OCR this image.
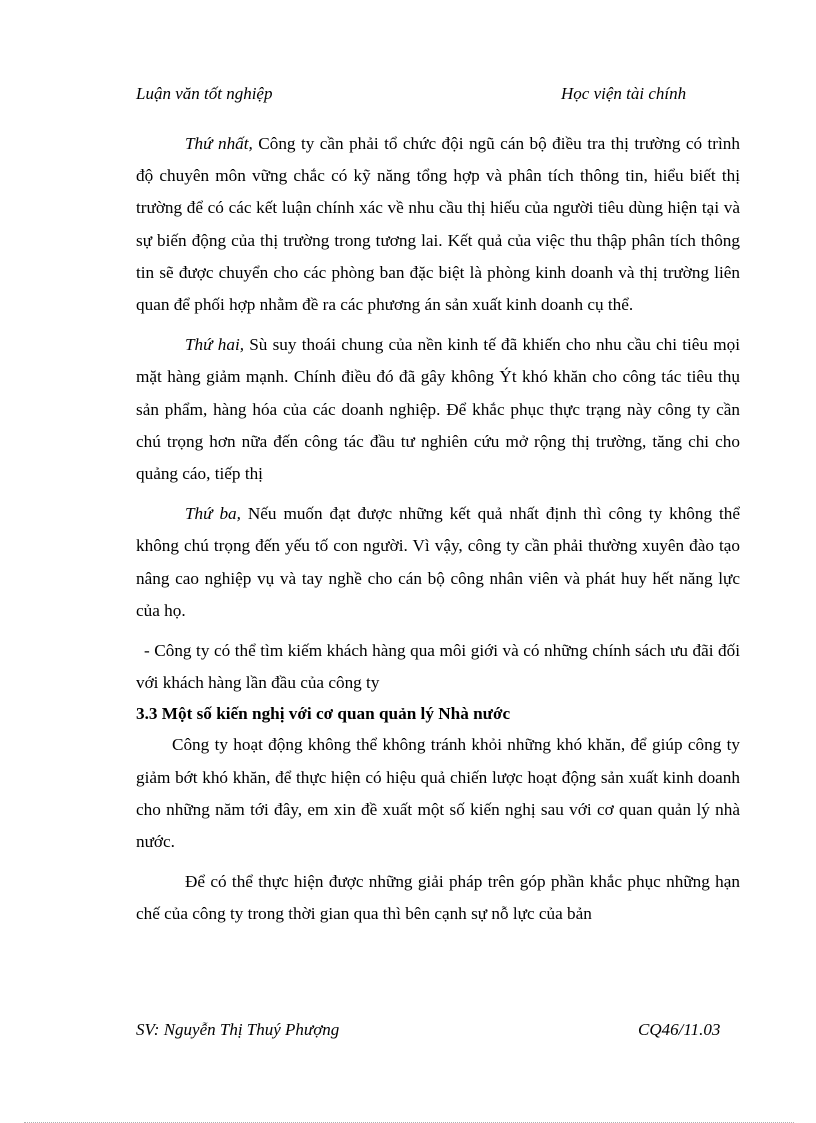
Luận văn tốt nghiệp	Học viện tài chính

Thứ nhất, Công ty cần phải tổ chức đội ngũ cán bộ điều tra thị trường có trình độ chuyên môn vững chắc có kỹ năng tổng hợp và phân tích thông tin, hiểu biết thị trường để có các kết luận chính xác về nhu cầu thị hiếu của người tiêu dùng hiện tại và sự biến động của thị trường trong tương lai. Kết quả của việc thu thập phân tích thông tin sẽ được chuyển cho các phòng ban đặc biệt là phòng kinh doanh và thị trường liên quan để phối hợp nhằm đề ra các phương án sản xuất kinh doanh cụ thể.

Thứ hai, Sù suy thoái chung của nền kinh tế đã khiến cho nhu cầu chi tiêu mọi mặt hàng giảm mạnh. Chính điều đó đã gây không Ýt khó khăn cho công tác tiêu thụ sản phẩm, hàng hóa của các doanh nghiệp. Để khắc phục thực trạng này công ty cần chú trọng hơn nữa đến công tác đầu tư nghiên cứu mở rộng thị trường, tăng chi cho quảng cáo, tiếp thị

Thứ ba, Nếu muốn đạt được những kết quả nhất định thì công ty không thể không chú trọng đến yếu tố con người. Vì vậy, công ty cần phải thường xuyên đào tạo nâng cao nghiệp vụ và tay nghề cho cán bộ công nhân viên và phát huy hết năng lực của họ.

- Công ty có thể tìm kiếm khách hàng qua môi giới và có những chính sách ưu đãi đối với khách hàng lần đầu của công ty

3.3 Một số kiến nghị với cơ quan quản lý Nhà nước

Công ty hoạt động không thể không tránh khỏi những khó khăn, để giúp công ty giảm bớt khó khăn, để thực hiện có hiệu quả chiến lược hoạt động sản xuất kinh doanh cho những năm tới đây, em xin đề xuất một số kiến nghị sau với cơ quan quản lý nhà nước.

Để có thể thực hiện được những giải pháp trên góp phần khắc phục những hạn chế của công ty trong thời gian qua thì bên cạnh sự nỗ lực của bản

SV: Nguyễn Thị Thuý Phượng	CQ46/11.03
